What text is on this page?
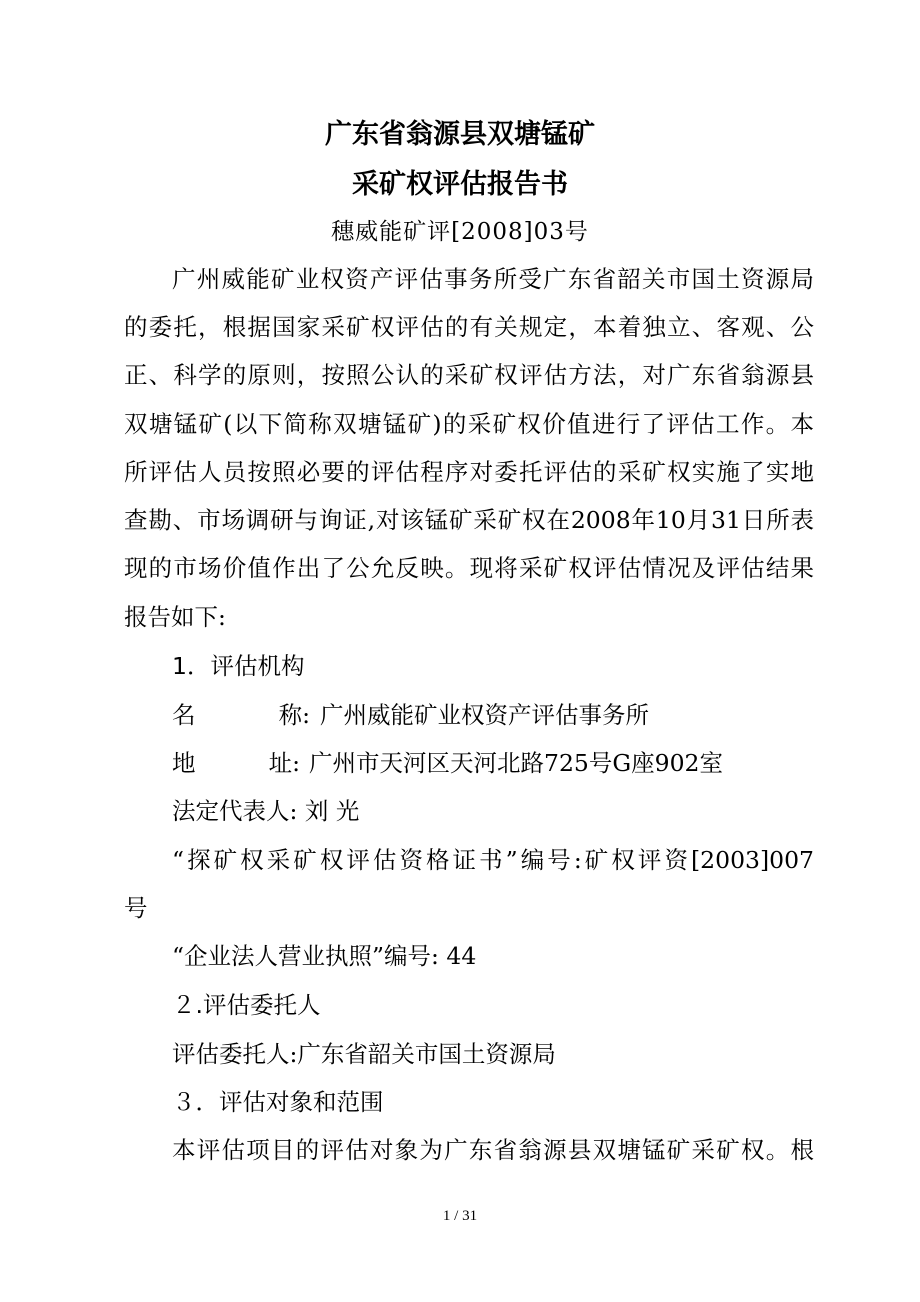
广东省翁源县双塘锰矿
采矿权评估报告书
穗威能矿评[2008]03号
广州威能矿业权资产评估事务所受广东省韶关市国土资源局
的委托，根据国家采矿权评估的有关规定，本着独立、客观、公
正、科学的原则，按照公认的采矿权评估方法，对广东省翁源县
双塘锰矿(以下简称双塘锰矿)的采矿权价值进行了评估工作。本
所评估人员按照必要的评估程序对委托评估的采矿权实施了实地
查勘、市场调研与询证,对该锰矿采矿权在2008年10月31日所表
现的市场价值作出了公允反映。现将采矿权评估情况及评估结果
报告如下:
1．评估机构
名	称: 广州威能矿业权资产评估事务所
地	址: 广州市天河区天河北路725号G座902室
法定代表人: 刘 光
“探矿权采矿权评估资格证书”编号:矿权评资[2003]007
号
“企业法人营业执照”编号: 44
２.评估委托人
评估委托人:广东省韶关市国土资源局
３．评估对象和范围
本评估项目的评估对象为广东省翁源县双塘锰矿采矿权。根
1 / 31
